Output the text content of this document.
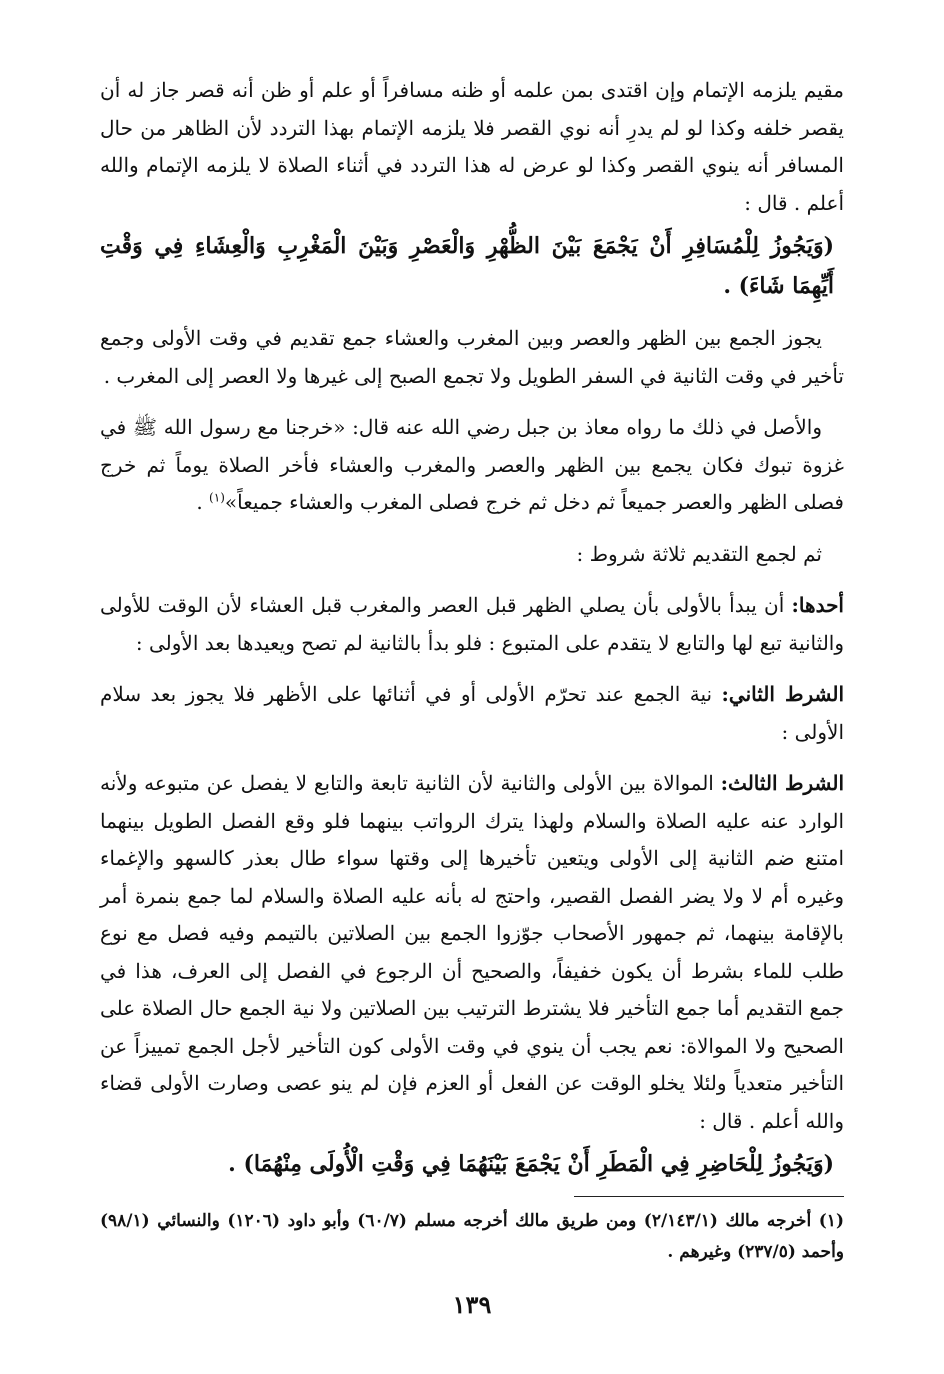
مقيم يلزمه الإتمام وإن اقتدى بمن علمه أو ظنه مسافراً أو علم أو ظن أنه قصر جاز له أن يقصر خلفه وكذا لو لم يدرِ أنه نوي القصر فلا يلزمه الإتمام بهذا التردد لأن الظاهر من حال المسافر أنه ينوي القصر وكذا لو عرض له هذا التردد في أثناء الصلاة لا يلزمه الإتمام والله أعلم . قال :

(وَيَجُوزُ لِلْمُسَافِرِ أَنْ يَجْمَعَ بَيْنَ الظُّهْرِ وَالْعَصْرِ وَبَيْنَ الْمَغْرِبِ وَالْعِشَاءِ فِي وَقْتِ أَيِّهِمَا شَاءَ) .

يجوز الجمع بين الظهر والعصر وبين المغرب والعشاء جمع تقديم في وقت الأولى وجمع تأخير في وقت الثانية في السفر الطويل ولا تجمع الصبح إلى غيرها ولا العصر إلى المغرب .

والأصل في ذلك ما رواه معاذ بن جبل رضي الله عنه قال: «خرجنا مع رسول الله ﷺ في غزوة تبوك فكان يجمع بين الظهر والعصر والمغرب والعشاء فأخر الصلاة يوماً ثم خرج فصلى الظهر والعصر جميعاً ثم دخل ثم خرج فصلى المغرب والعشاء جميعاً»$^{(١)}$ .

ثم لجمع التقديم ثلاثة شروط :

أحدها: أن يبدأ بالأولى بأن يصلي الظهر قبل العصر والمغرب قبل العشاء لأن الوقت للأولى والثانية تبع لها والتابع لا يتقدم على المتبوع : فلو بدأ بالثانية لم تصح ويعيدها بعد الأولى :

الشرط الثاني: نية الجمع عند تحرّم الأولى أو في أثنائها على الأظهر فلا يجوز بعد سلام الأولى :

الشرط الثالث: الموالاة بين الأولى والثانية لأن الثانية تابعة والتابع لا يفصل عن متبوعه ولأنه الوارد عنه عليه الصلاة والسلام ولهذا يترك الرواتب بينهما فلو وقع الفصل الطويل بينهما امتنع ضم الثانية إلى الأولى ويتعين تأخيرها إلى وقتها سواء طال بعذر كالسهو والإغماء وغيره أم لا ولا يضر الفصل القصير، واحتج له بأنه عليه الصلاة والسلام لما جمع بنمرة أمر بالإقامة بينهما، ثم جمهور الأصحاب جوّزوا الجمع بين الصلاتين بالتيمم وفيه فصل مع نوع طلب للماء بشرط أن يكون خفيفاً، والصحيح أن الرجوع في الفصل إلى العرف، هذا في جمع التقديم أما جمع التأخير فلا يشترط الترتيب بين الصلاتين ولا نية الجمع حال الصلاة على الصحيح ولا الموالاة: نعم يجب أن ينوي في وقت الأولى كون التأخير لأجل الجمع تمييزاً عن التأخير متعدياً ولئلا يخلو الوقت عن الفعل أو العزم فإن لم ينو عصى وصارت الأولى قضاء والله أعلم . قال :

(وَيَجُوزُ لِلْحَاضِرِ فِي الْمَطَرِ أَنْ يَجْمَعَ بَيْنَهُمَا فِي وَقْتِ الْأُولَى مِنْهُمَا) .

(١) أخرجه مالك (٢/١٤٣/١) ومن طريق مالك أخرجه مسلم (٦٠/٧) وأبو داود (١٢٠٦) والنسائي (٩٨/١) وأحمد (٢٣٧/٥) وغيرهم .

١٣٩
